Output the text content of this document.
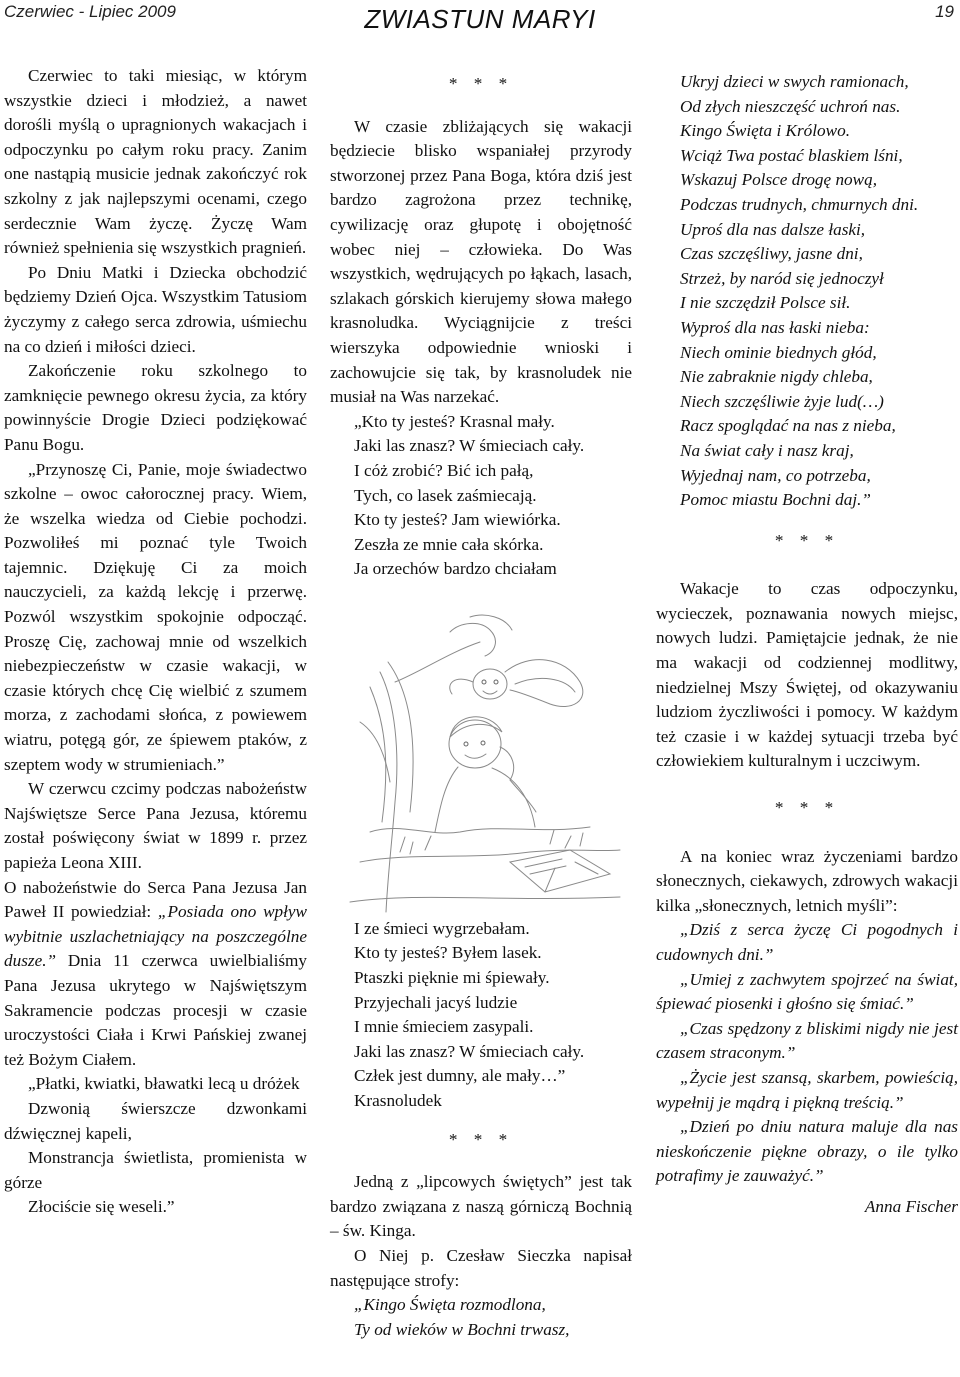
Czerwiec - Lipiec 2009	ZWIASTUN MARYI	19

Czerwiec to taki miesiąc, w którym wszystkie dzieci i młodzież, a nawet dorośli myślą o upragnionych wakacjach i odpoczynku po całym roku pracy. Zanim one nastąpią musicie jednak zakończyć rok szkolny z jak najlepszymi ocenami, czego serdecznie Wam życzę. Życzę Wam również spełnienia się wszystkich pragnień.

Po Dniu Matki i Dziecka obchodzić będziemy Dzień Ojca. Wszystkim Tatusiom życzymy z całego serca zdrowia, uśmiechu na co dzień i miłości dzieci.

Zakończenie roku szkolnego to zamknięcie pewnego okresu życia, za który powinnyście Drogie Dzieci podziękować Panu Bogu.

„Przynoszę Ci, Panie, moje świadectwo szkolne – owoc całorocznej pracy. Wiem, że wszelka wiedza od Ciebie pochodzi. Pozwoliłeś mi poznać tyle Twoich tajemnic. Dziękuję Ci za moich nauczycieli, za każdą lekcję i przerwę. Pozwól wszystkim spokojnie odpocząć. Proszę Cię, zachowaj mnie od wszelkich niebezpieczeństw w czasie wakacji, w czasie których chcę Cię wielbić z szumem morza, z zachodami słońca, z powiewem wiatru, potęgą gór, ze śpiewem ptaków, z szeptem wody w strumieniach.”

W czerwcu czcimy podczas nabożeństw Najświętsze Serce Pana Jezusa, któremu został poświęcony świat w 1899 r. przez papieża Leona XIII.

O nabożeństwie do Serca Pana Jezusa Jan Paweł II powiedział: „Posiada ono wpływ wybitnie uszlachetniający na poszczególne dusze.” Dnia 11 czerwca uwielbialiśmy Pana Jezusa ukrytego w Najświętszym Sakramencie podczas procesji w czasie uroczystości Ciała i Krwi Pańskiej zwanej też Bożym Ciałem.

„Płatki, kwiatki, bławatki lecą u dróżek

Dzwonią świerszcze dzwonkami dźwięcznej kapeli,

Monstrancja świetlista, promienista w górze

Złociście się weseli.”

* * *

W czasie zbliżających się wakacji będziecie blisko wspaniałej przyrody stworzonej przez Pana Boga, która dziś jest bardzo zagrożona przez technikę, cywilizację oraz głupotę i obojętność wobec niej – człowieka. Do Was wszystkich, wędrujących po łąkach, lasach, szlakach górskich kierujemy słowa małego krasnoludka. Wyciągnijcie z treści wierszyka odpowiednie wnioski i zachowujcie się tak, by krasnoludek nie musiał na Was narzekać.

„Kto ty jesteś? Krasnal mały.
Jaki las znasz? W śmieciach cały.
I cóż zrobić? Bić ich pałą,
Tych, co lasek zaśmiecają.
Kto ty jesteś? Jam wiewiórka.
Zeszła ze mnie cała skórka.
Ja orzechów bardzo chciałam
I ze śmieci wygrzebałam.
Kto ty jesteś? Byłem lasek.
Ptaszki pięknie mi śpiewały.
Przyjechali jacyś ludzie
I mnie śmieciem zasypali.
Jaki las znasz? W śmieciach cały.
Człek jest dumny, ale mały…”
Krasnoludek

* * *

Jedną z „lipcowych świętych” jest tak bardzo związana z naszą górniczą Bochnią – św. Kinga.

O Niej p. Czesław Sieczka napisał następujące strofy:

„Kingo Święta rozmodlona,
Ty od wieków w Bochni trwasz,
Ukryj dzieci w swych ramionach,
Od złych nieszczęść uchroń nas.
Kingo Święta i Królowo.
Wciąż Twa postać blaskiem lśni,
Wskazuj Polsce drogę nową,
Podczas trudnych, chmurnych dni.
Uproś dla nas dalsze łaski,
Czas szczęśliwy, jasne dni,
Strzeż, by naród się jednoczył
I nie szczędził Polsce sił.
Wyproś dla nas łaski nieba:
Niech ominie biednych głód,
Nie zabraknie nigdy chleba,
Niech szczęśliwie żyje lud(…)
Racz spoglądać na nas z nieba,
Na świat cały i nasz kraj,
Wyjednaj nam, co potrzeba,
Pomoc miastu Bochni daj.”

* * *

Wakacje to czas odpoczynku, wycieczek, poznawania nowych miejsc, nowych ludzi. Pamiętajcie jednak, że nie ma wakacji od codziennej modlitwy, niedzielnej Mszy Świętej, od okazywaniu ludziom życzliwości i pomocy. W każdym też czasie i w każdej sytuacji trzeba być człowiekiem kulturalnym i uczciwym.

* * *

A na koniec wraz życzeniami bardzo słonecznych, ciekawych, zdrowych wakacji kilka „słonecznych, letnich myśli”:

„Dziś z serca życzę Ci pogodnych i cudownych dni.”

„Umiej z zachwytem spojrzeć na świat, śpiewać piosenki i głośno się śmiać.”

„Czas spędzony z bliskimi nigdy nie jest czasem straconym.”

„Życie jest szansą, skarbem, powieścią, wypełnij je mądrą i piękną treścią.”

„Dzień po dniu natura maluje dla nas nieskończenie piękne obrazy, o ile tylko potrafimy je zauważyć.”

Anna Fischer
